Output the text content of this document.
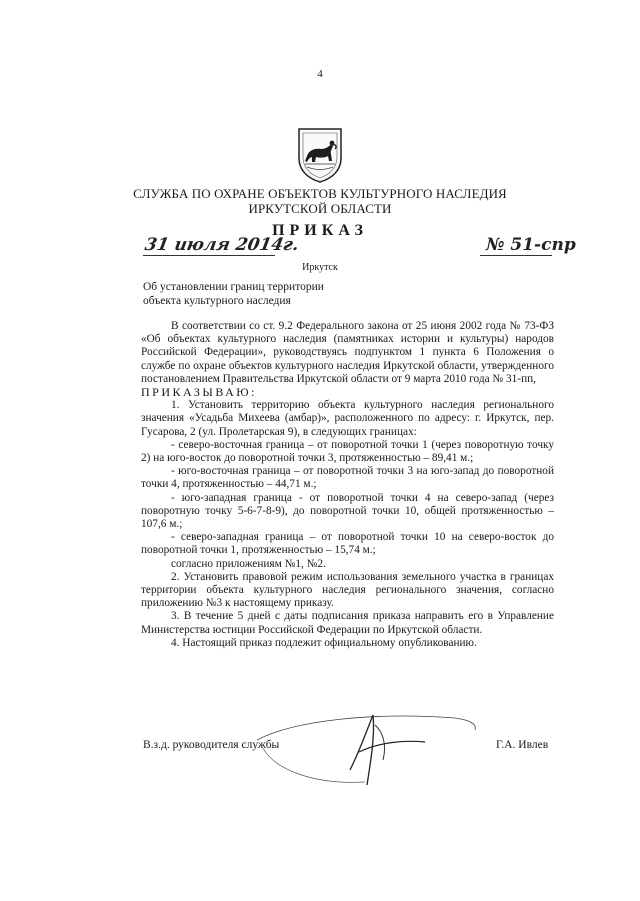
4
СЛУЖБА ПО ОХРАНЕ ОБЪЕКТОВ КУЛЬТУРНОГО НАСЛЕДИЯ
ИРКУТСКОЙ ОБЛАСТИ
ПРИКАЗ
31 июля 2014г.	№ 51-спр
Иркутск
Об установлении границ территории
объекта культурного наследия

В соответствии со ст. 9.2 Федерального закона от 25 июня 2002 года № 73-ФЗ «Об объектах культурного наследия (памятниках истории и культуры) народов Российской Федерации», руководствуясь подпунктом 1 пункта 6 Положения о службе по охране объектов культурного наследия Иркутской области, утвержденного постановлением Правительства Иркутской области от 9 марта 2010 года № 31-пп,

ПРИКАЗЫВАЮ:

1. Установить территорию объекта культурного наследия регионального значения «Усадьба Михеева (амбар)», расположенного по адресу: г. Иркутск, пер. Гусарова, 2 (ул. Пролетарская 9), в следующих границах:

- северо-восточная граница – от поворотной точки 1 (через поворотную точку 2) на юго-восток до поворотной точки 3, протяженностью – 89,41 м.;

- юго-восточная граница – от поворотной точки 3 на юго-запад до поворотной точки 4, протяженностью – 44,71 м.;

- юго-западная граница - от поворотной точки 4 на северо-запад (через поворотную точку 5-6-7-8-9), до поворотной точки 10, общей протяженностью – 107,6 м.;

- северо-западная граница – от поворотной точки 10 на северо-восток до поворотной точки 1, протяженностью – 15,74 м.;

согласно приложениям №1, №2.

2. Установить правовой режим использования земельного участка в границах территории объекта культурного наследия регионального значения, согласно приложению №3 к настоящему приказу.

3. В течение 5 дней с даты подписания приказа направить его в Управление Министерства юстиции Российской Федерации по Иркутской области.

4. Настоящий приказ подлежит официальному опубликованию.

В.з.д. руководителя службы	Г.А. Ивлев
